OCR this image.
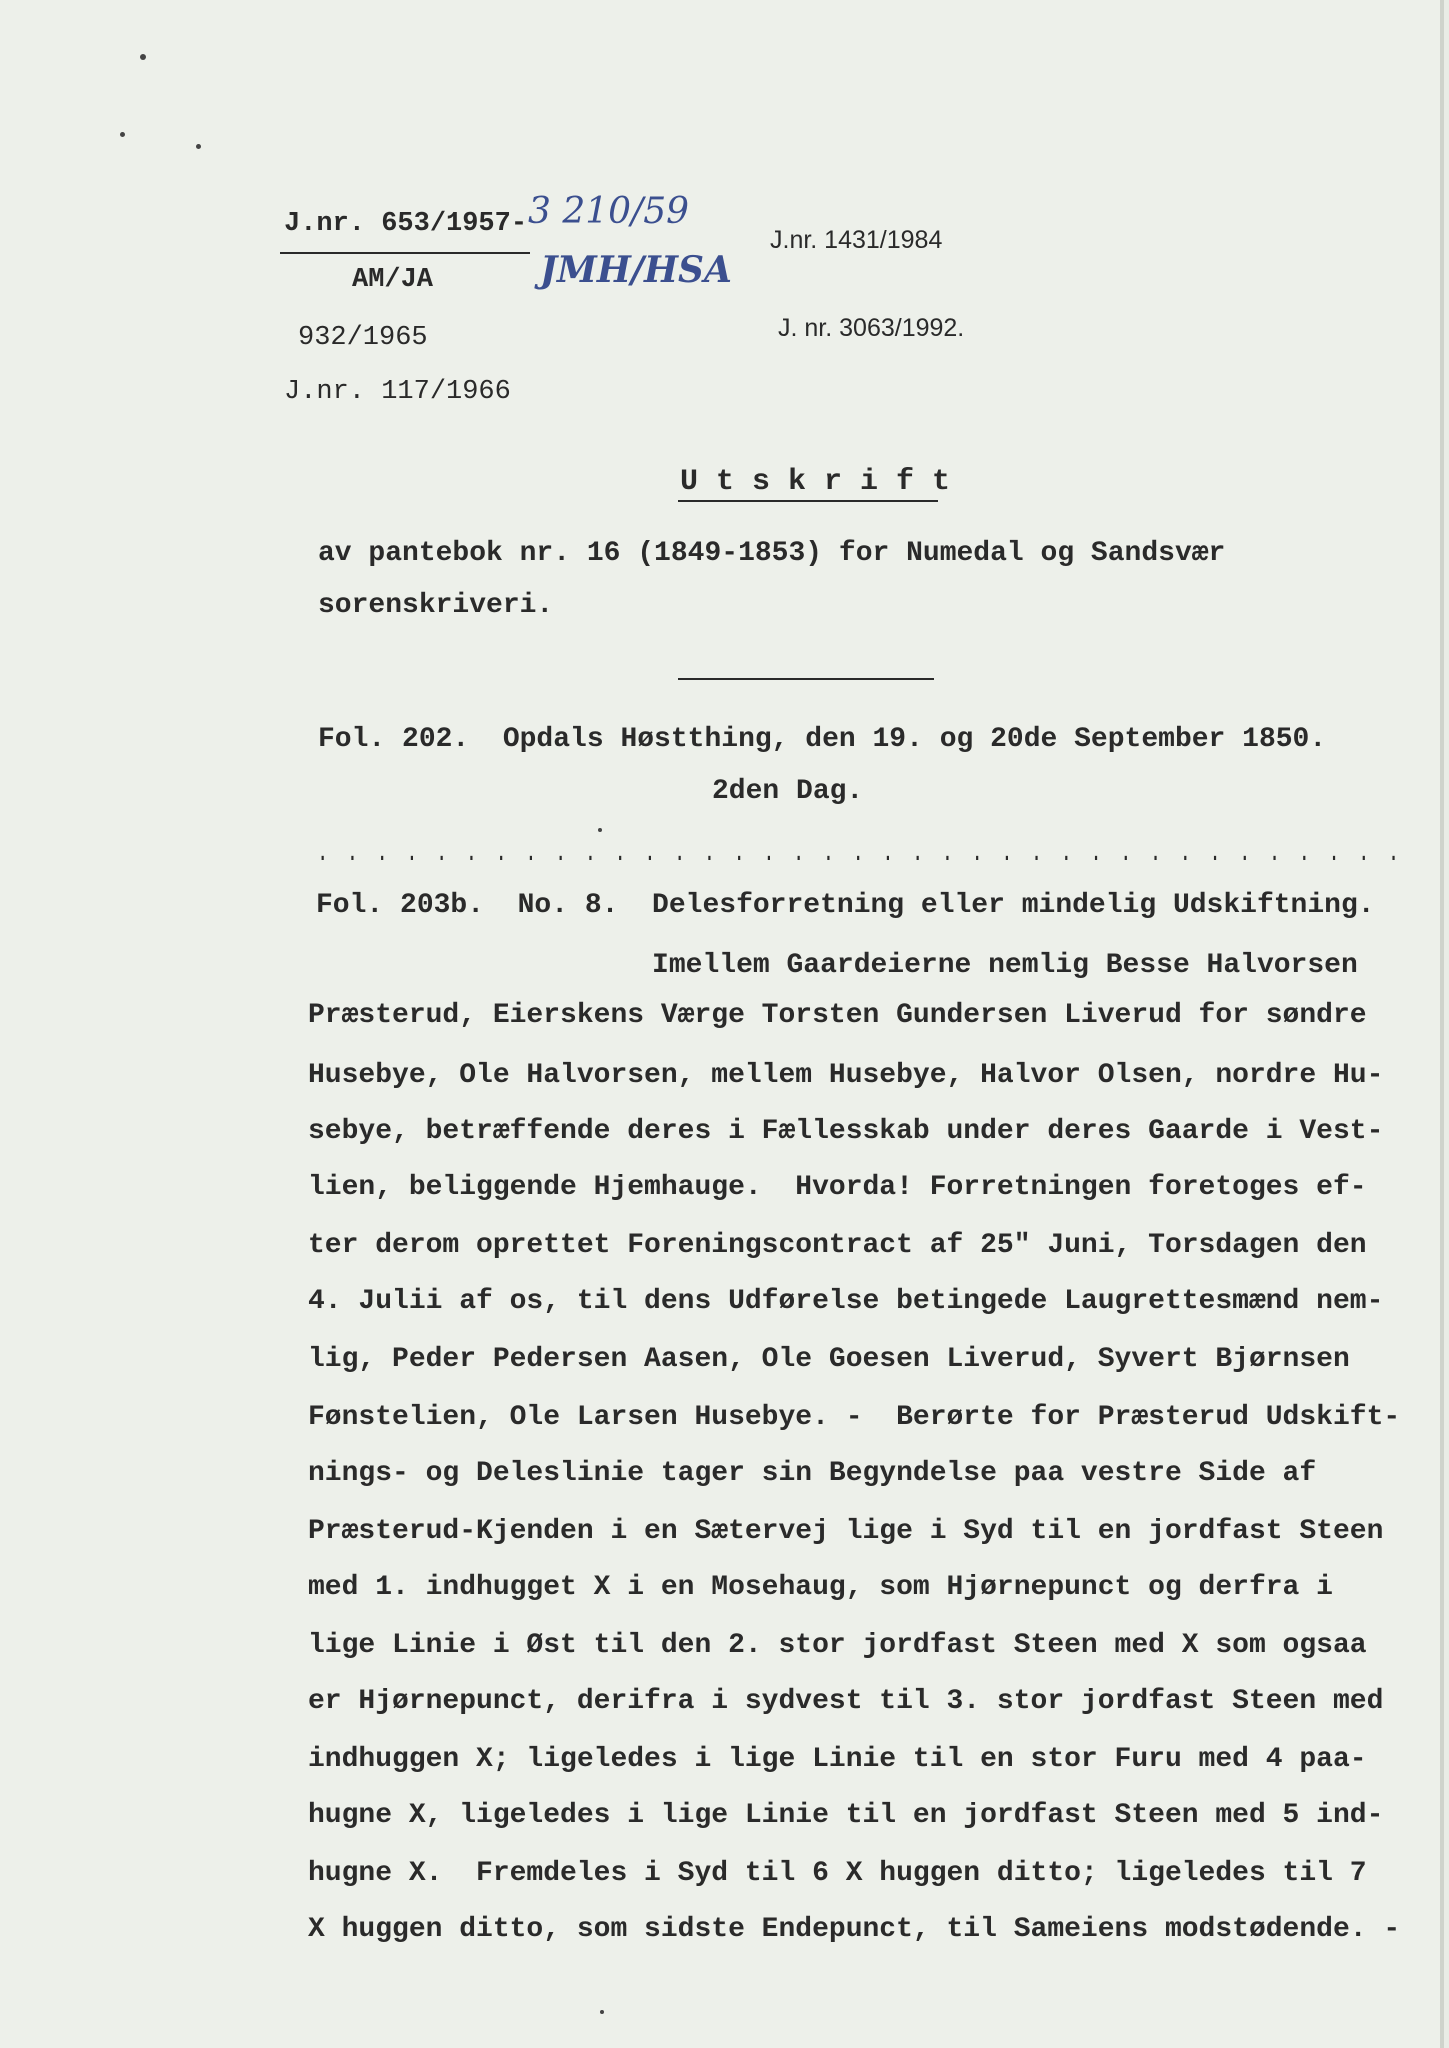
J.nr. 653/1957- 3 210/59
AM/JA	JMH/HSA
932/1965
J.nr. 117/1966
J.nr. 1431/1984
J. nr. 3063/1992.
U t s k r i f t
av pantebok nr. 16 (1849-1853) for Numedal og Sandsvær
sorenskriveri.
Fol. 202.  Opdals Høstthing, den 19. og 20de September 1850.
2den Dag.
. . . . . . . . . . . . . . . . . . . . . . . . . . . . . . . . . . . . .
Fol. 203b.  No. 8.  Delesforretning eller mindelig Udskiftning.
Imellem Gaardeierne nemlig Besse Halvorsen
Præsterud, Eierskens Værge Torsten Gundersen Liverud for søndre
Husebye, Ole Halvorsen, mellem Husebye, Halvor Olsen, nordre Hu-
sebye, betræffende deres i Fællesskab under deres Gaarde i Vest-
lien, beliggende Hjemhauge.  Hvorda! Forretningen foretoges ef-
ter derom oprettet Foreningscontract af 25" Juni, Torsdagen den
4. Julii af os, til dens Udførelse betingede Laugrettesmænd nem-
lig, Peder Pedersen Aasen, Ole Goesen Liverud, Syvert Bjørnsen
Fønstelien, Ole Larsen Husebye. -  Berørte for Præsterud Udskift-
nings- og Deleslinie tager sin Begyndelse paa vestre Side af
Præsterud-Kjenden i en Sætervej lige i Syd til en jordfast Steen
med 1. indhugget X i en Mosehaug, som Hjørnepunct og derfra i
lige Linie i Øst til den 2. stor jordfast Steen med X som ogsaa
er Hjørnepunct, derifra i sydvest til 3. stor jordfast Steen med
indhuggen X; ligeledes i lige Linie til en stor Furu med 4 paa-
hugne X, ligeledes i lige Linie til en jordfast Steen med 5 ind-
hugne X.  Fremdeles i Syd til 6 X huggen ditto; ligeledes til 7
X huggen ditto, som sidste Endepunct, til Sameiens modstødende. -
